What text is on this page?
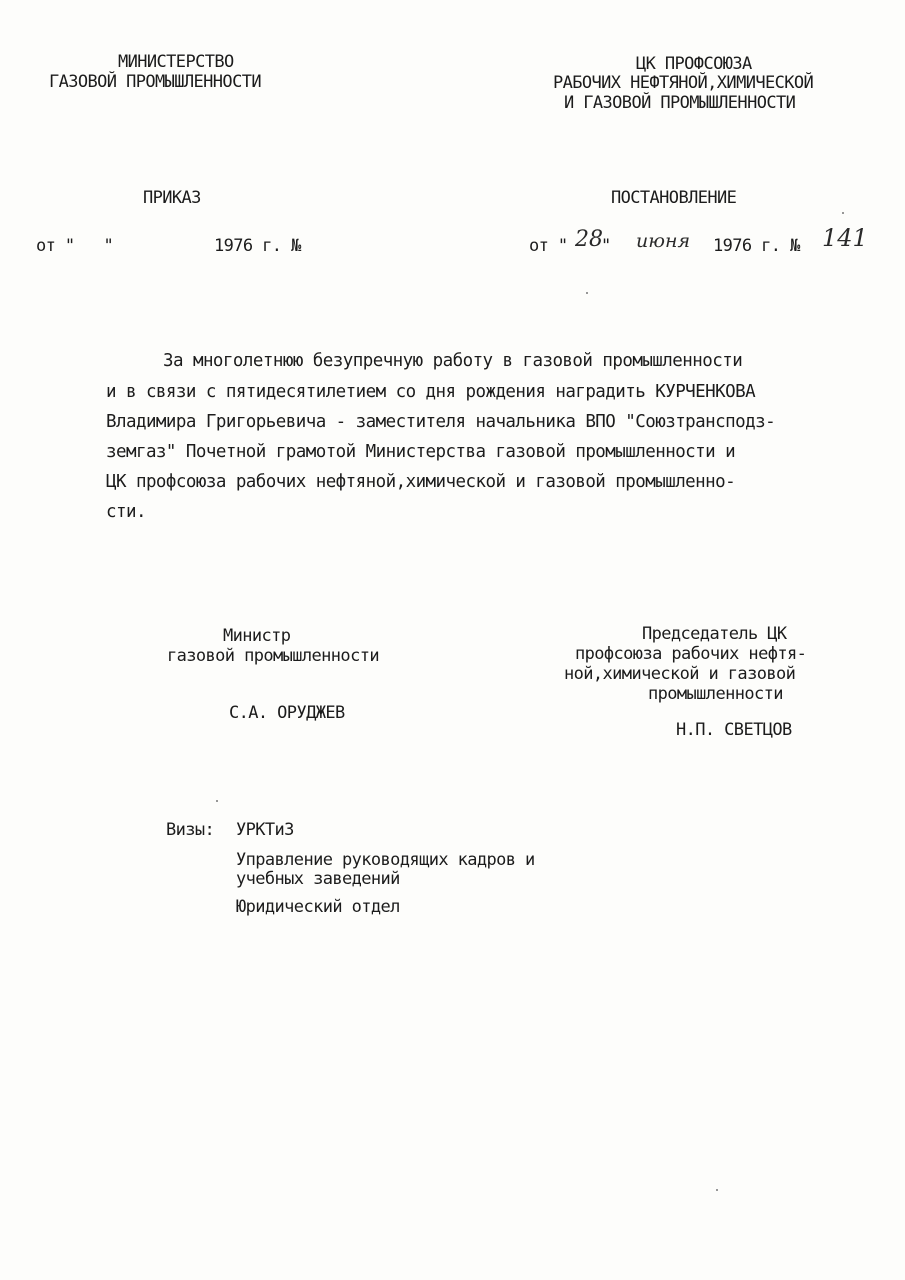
МИНИСТЕРСТВО
ГАЗОВОЙ ПРОМЫШЛЕННОСТИ
ЦК ПРОФСОЮЗА
РАБОЧИХ НЕФТЯНОЙ,ХИМИЧЕСКОЙ
И ГАЗОВОЙ ПРОМЫШЛЕННОСТИ
ПРИКАЗ
от "   "	1976 г. №
ПОСТАНОВЛЕНИЕ
от " 28
" июня 1976 г. № 141
За многолетнюю безупречную работу в газовой промышленности
и в связи с пятидесятилетием со дня рождения наградить КУРЧЕНКОВА
Владимира Григорьевича - заместителя начальника ВПО "Союзтрансподз-
земгаз" Почетной грамотой Министерства газовой промышленности и
ЦК профсоюза рабочих нефтяной,химической и газовой промышленно-
сти.
Министр
газовой промышленности
С.А. ОРУДЖЕВ
Председатель ЦК
профсоюза рабочих нефтя-
ной,химической и газовой
промышленности
Н.П. СВЕТЦОВ
Визы: УРКТиЗ
Управление руководящих кадров и
учебных заведений
Юридический отдел
